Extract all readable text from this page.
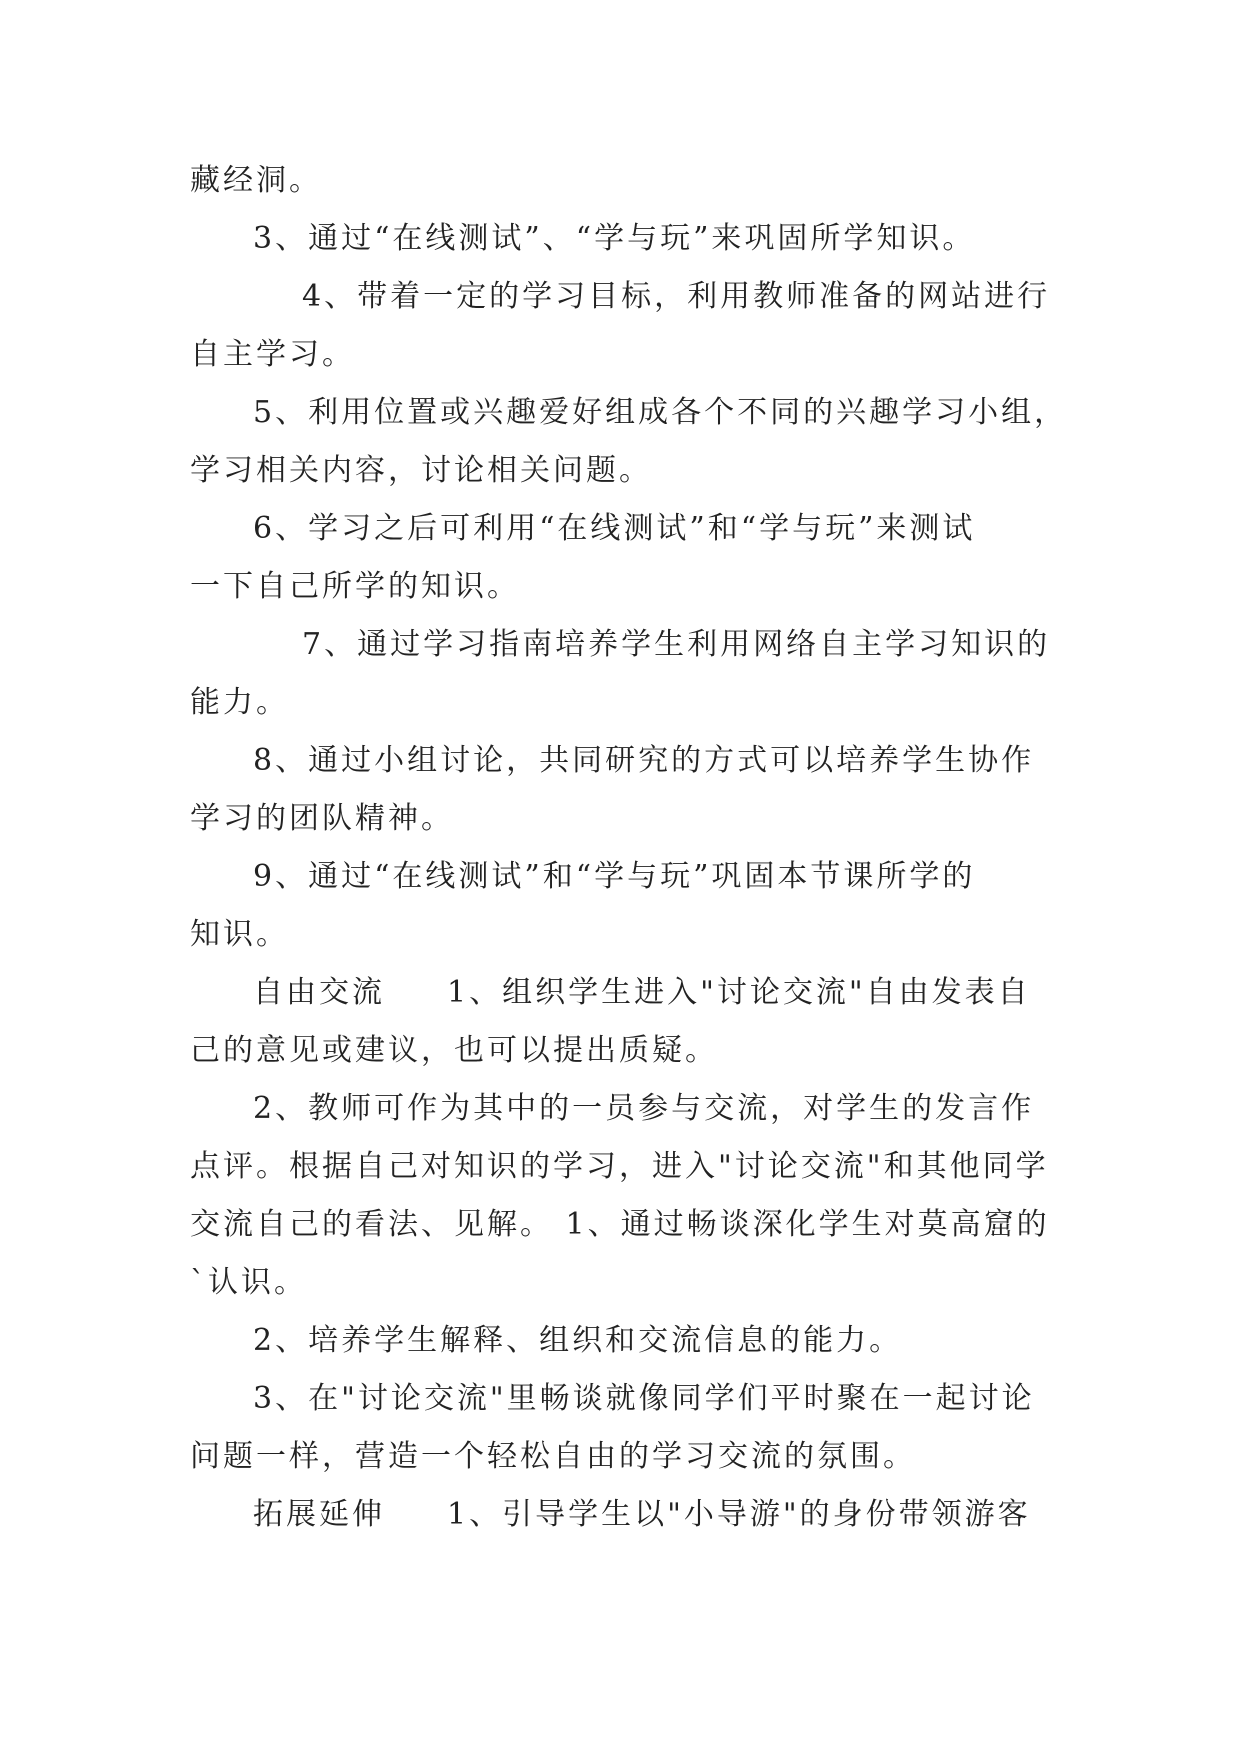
藏经洞。
3、通过“在线测试”、“学与玩”来巩固所学知识。
4、带着一定的学习目标，利用教师准备的网站进行
自主学习。
5、利用位置或兴趣爱好组成各个不同的兴趣学习小组，
学习相关内容，讨论相关问题。
6、学习之后可利用“在线测试”和“学与玩”来测试
一下自己所学的知识。
7、通过学习指南培养学生利用网络自主学习知识的
能力。
8、通过小组讨论，共同研究的方式可以培养学生协作
学习的团队精神。
9、通过“在线测试”和“学与玩”巩固本节课所学的
知识。
自由交流 1、组织学生进入"讨论交流"自由发表自
己的意见或建议，也可以提出质疑。
2、教师可作为其中的一员参与交流，对学生的发言作
点评。根据自己对知识的学习，进入"讨论交流"和其他同学
交流自己的看法、见解。 1、通过畅谈深化学生对莫高窟的
`认识。
2、培养学生解释、组织和交流信息的能力。
3、在"讨论交流"里畅谈就像同学们平时聚在一起讨论
问题一样，营造一个轻松自由的学习交流的氛围。
拓展延伸 1、引导学生以"小导游"的身份带领游客
